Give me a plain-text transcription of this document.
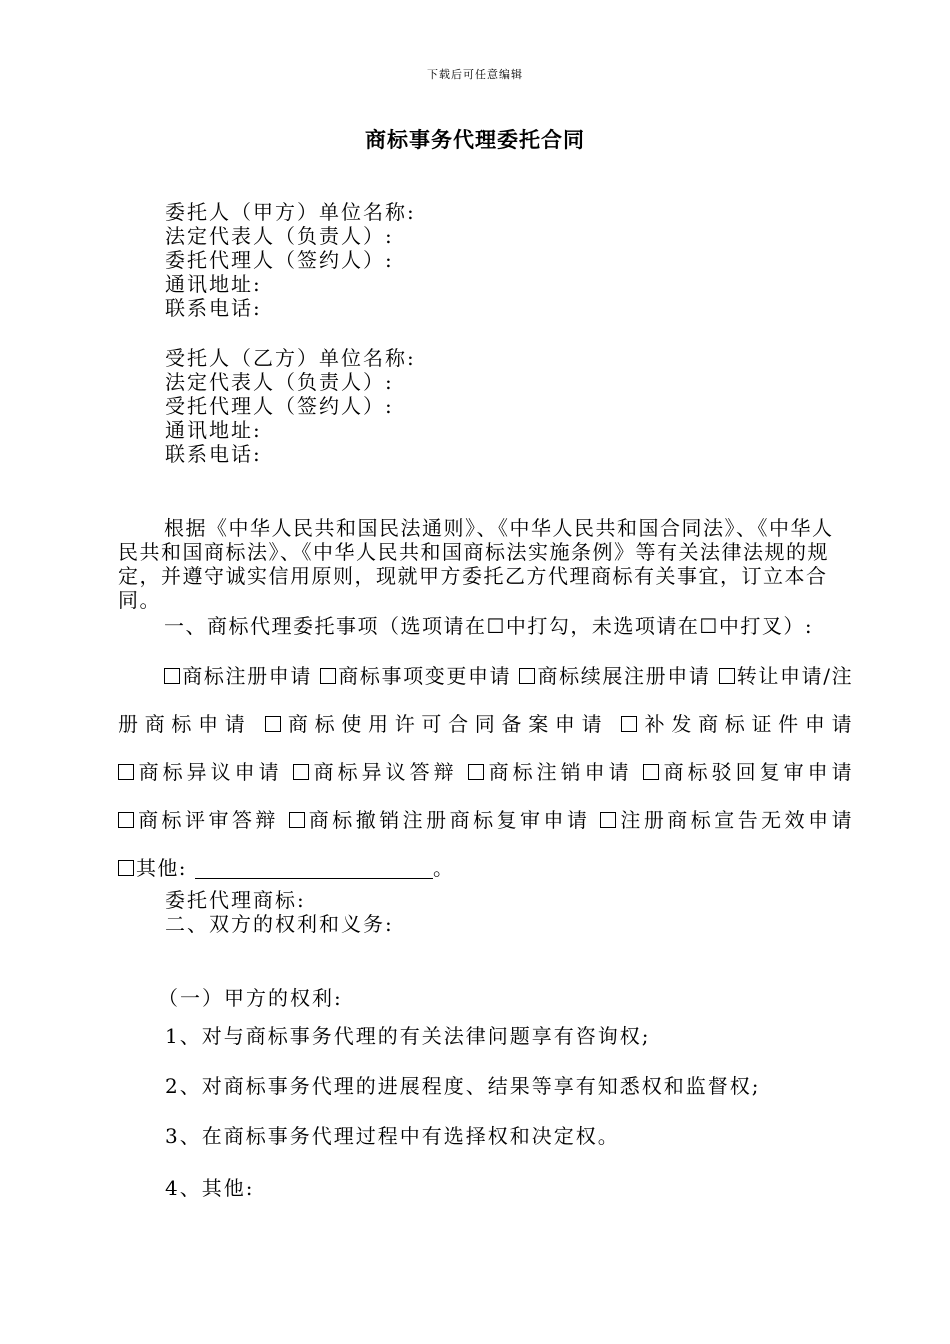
下载后可任意编辑
商标事务代理委托合同
委托人（甲方）单位名称:
法定代表人（负责人）:
委托代理人（签约人）:
通讯地址:
联系电话:
受托人（乙方）单位名称:
法定代表人（负责人）:
受托代理人（签约人）:
通讯地址:
联系电话:
根据《中华人民共和国民法通则》、《中华人民共和国合同法》、《中华人民共和国商标法》、《中华人民共和国商标法实施条例》等有关法律法规的规定，并遵守诚实信用原则，现就甲方委托乙方代理商标有关事宜，订立本合同。
一、商标代理委托事项（选项请在☐中打勾，未选项请在☐中打叉）:
商标注册申请 商标事项变更申请 商标续展注册申请 转让申请/注册商标申请 商标使用许可合同备案申请 补发商标证件申请 商标异议申请 商标异议答辩 商标注销申请 商标驳回复审申请 商标评审答辩 商标撤销注册商标复审申请 注册商标宣告无效申请 其他:	。
委托代理商标:
二、双方的权利和义务:
（一）甲方的权利:
1、对与商标事务代理的有关法律问题享有咨询权;
2、对商标事务代理的进展程度、结果等享有知悉权和监督权;
3、在商标事务代理过程中有选择权和决定权。
4、其他:
